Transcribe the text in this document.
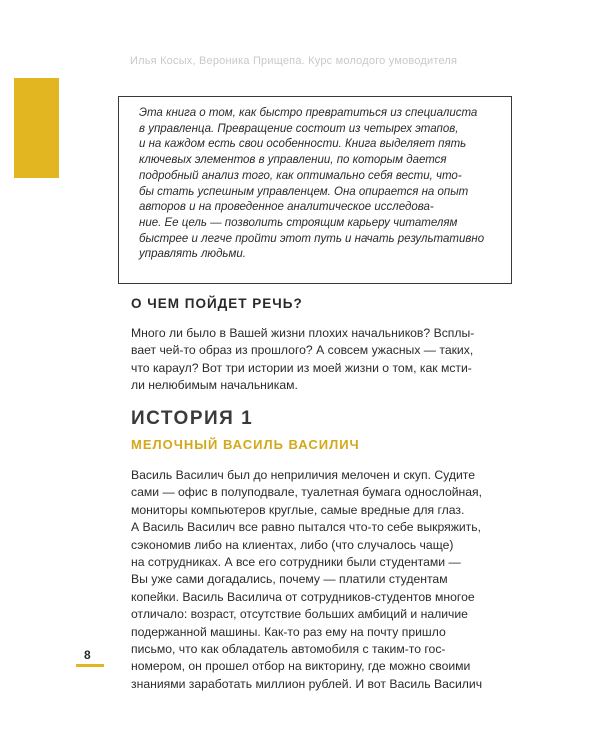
Илья Косых, Вероника Прищепа. Курс молодого умоводителя
Эта книга о том, как быстро превратиться из специалиста
в управленца. Превращение состоит из четырех этапов,
и на каждом есть свои особенности. Книга выделяет пять
ключевых элементов в управлении, по которым дается
подробный анализ того, как оптимально себя вести, что-
бы стать успешным управленцем. Она опирается на опыт
авторов и на проведенное аналитическое исследова-
ние. Ее цель — позволить строящим карьеру читателям
быстрее и легче пройти этот путь и начать результативно
управлять людьми.
О ЧЕМ ПОЙДЕТ РЕЧЬ?
Много ли было в Вашей жизни плохих начальников? Всплы-
вает чей-то образ из прошлого? А совсем ужасных — таких,
что караул? Вот три истории из моей жизни о том, как мсти-
ли нелюбимым начальникам.
ИСТОРИЯ 1
МЕЛОЧНЫЙ ВАСИЛЬ ВАСИЛИЧ
Василь Василич был до неприличия мелочен и скуп. Судите
сами — офис в полуподвале, туалетная бумага однослойная,
мониторы компьютеров круглые, самые вредные для глаз.
А Василь Василич все равно пытался что-то себе выкряжить,
сэкономив либо на клиентах, либо (что случалось чаще)
на сотрудниках. А все его сотрудники были студентами —
Вы уже сами догадались, почему — платили студентам
копейки. Василь Василича от сотрудников-студентов многое
отличало: возраст, отсутствие больших амбиций и наличие
подержанной машины. Как-то раз ему на почту пришло
письмо, что как обладатель автомобиля с таким-то гос-
номером, он прошел отбор на викторину, где можно своими
знаниями заработать миллион рублей. И вот Василь Василич
8
